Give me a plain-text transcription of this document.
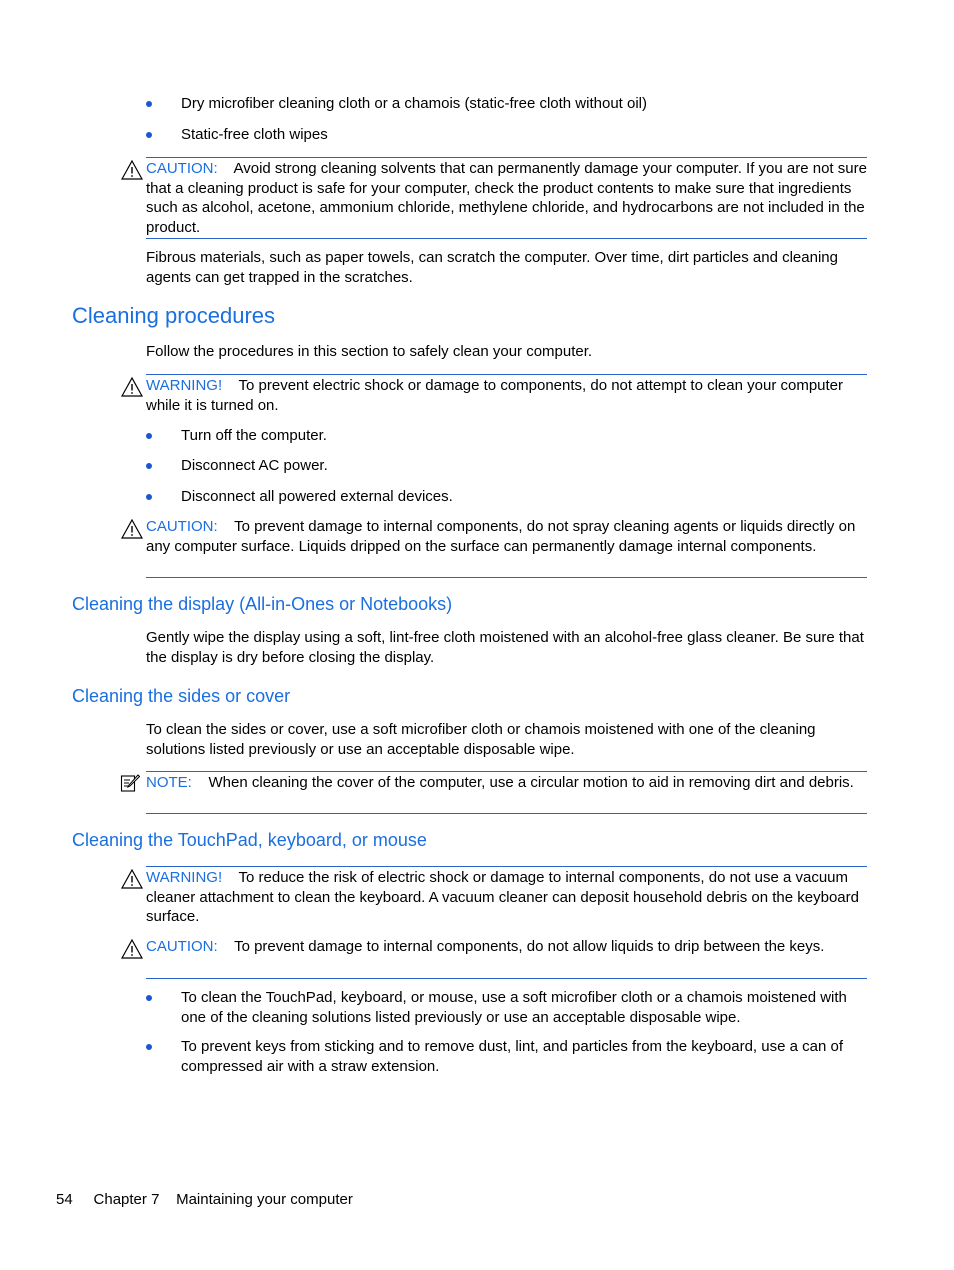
Dry microfiber cleaning cloth or a chamois (static-free cloth without oil)
Static-free cloth wipes
CAUTION: Avoid strong cleaning solvents that can permanently damage your computer. If you are not sure that a cleaning product is safe for your computer, check the product contents to make sure that ingredients such as alcohol, acetone, ammonium chloride, methylene chloride, and hydrocarbons are not included in the product.
Fibrous materials, such as paper towels, can scratch the computer. Over time, dirt particles and cleaning agents can get trapped in the scratches.
Cleaning procedures
Follow the procedures in this section to safely clean your computer.
WARNING! To prevent electric shock or damage to components, do not attempt to clean your computer while it is turned on.
Turn off the computer.
Disconnect AC power.
Disconnect all powered external devices.
CAUTION: To prevent damage to internal components, do not spray cleaning agents or liquids directly on any computer surface. Liquids dripped on the surface can permanently damage internal components.
Cleaning the display (All-in-Ones or Notebooks)
Gently wipe the display using a soft, lint-free cloth moistened with an alcohol-free glass cleaner. Be sure that the display is dry before closing the display.
Cleaning the sides or cover
To clean the sides or cover, use a soft microfiber cloth or chamois moistened with one of the cleaning solutions listed previously or use an acceptable disposable wipe.
NOTE: When cleaning the cover of the computer, use a circular motion to aid in removing dirt and debris.
Cleaning the TouchPad, keyboard, or mouse
WARNING! To reduce the risk of electric shock or damage to internal components, do not use a vacuum cleaner attachment to clean the keyboard. A vacuum cleaner can deposit household debris on the keyboard surface.
CAUTION: To prevent damage to internal components, do not allow liquids to drip between the keys.
To clean the TouchPad, keyboard, or mouse, use a soft microfiber cloth or a chamois moistened with one of the cleaning solutions listed previously or use an acceptable disposable wipe.
To prevent keys from sticking and to remove dust, lint, and particles from the keyboard, use a can of compressed air with a straw extension.
54 Chapter 7 Maintaining your computer
